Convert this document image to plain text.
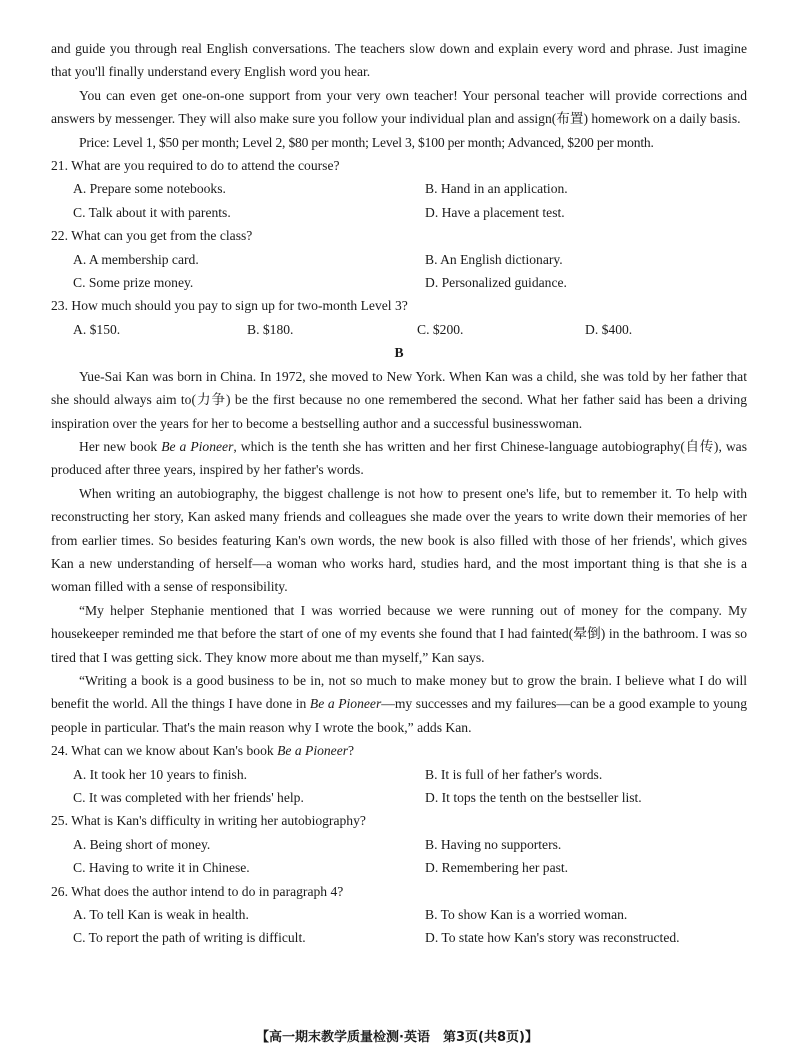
and guide you through real English conversations. The teachers slow down and explain every word and phrase. Just imagine that you'll finally understand every English word you hear.

You can even get one-on-one support from your very own teacher! Your personal teacher will provide corrections and answers by messenger. They will also make sure you follow your individual plan and assign(布置) homework on a daily basis.

Price: Level 1, $50 per month; Level 2, $80 per month; Level 3, $100 per month; Advanced, $200 per month.

21. What are you required to do to attend the course?
A. Prepare some notebooks.	B. Hand in an application.
C. Talk about it with parents.	D. Have a placement test.
22. What can you get from the class?
A. A membership card.	B. An English dictionary.
C. Some prize money.	D. Personalized guidance.
23. How much should you pay to sign up for two-month Level 3?
A. $150.	B. $180.	C. $200.	D. $400.
B

Yue-Sai Kan was born in China. In 1972, she moved to New York. When Kan was a child, she was told by her father that she should always aim to(力争) be the first because no one remembered the second. What her father said has been a driving inspiration over the years for her to become a bestselling author and a successful businesswoman.

Her new book Be a Pioneer, which is the tenth she has written and her first Chinese-language autobiography(自传), was produced after three years, inspired by her father's words.

When writing an autobiography, the biggest challenge is not how to present one's life, but to remember it. To help with reconstructing her story, Kan asked many friends and colleagues she made over the years to write down their memories of her from earlier times. So besides featuring Kan's own words, the new book is also filled with those of her friends', which gives Kan a new understanding of herself—a woman who works hard, studies hard, and the most important thing is that she is a woman filled with a sense of responsibility.

“My helper Stephanie mentioned that I was worried because we were running out of money for the company. My housekeeper reminded me that before the start of one of my events she found that I had fainted(晕倒) in the bathroom. I was so tired that I was getting sick. They know more about me than myself,” Kan says.

“Writing a book is a good business to be in, not so much to make money but to grow the brain. I believe what I do will benefit the world. All the things I have done in Be a Pioneer—my successes and my failures—can be a good example to young people in particular. That's the main reason why I wrote the book,” adds Kan.

24. What can we know about Kan's book Be a Pioneer?
A. It took her 10 years to finish.	B. It is full of her father's words.
C. It was completed with her friends' help.	D. It tops the tenth on the bestseller list.
25. What is Kan's difficulty in writing her autobiography?
A. Being short of money.	B. Having no supporters.
C. Having to write it in Chinese.	D. Remembering her past.
26. What does the author intend to do in paragraph 4?
A. To tell Kan is weak in health.	B. To show Kan is a worried woman.
C. To report the path of writing is difficult.	D. To state how Kan's story was reconstructed.
【高一期末教学质量检测·英语　第3页(共8页)】
